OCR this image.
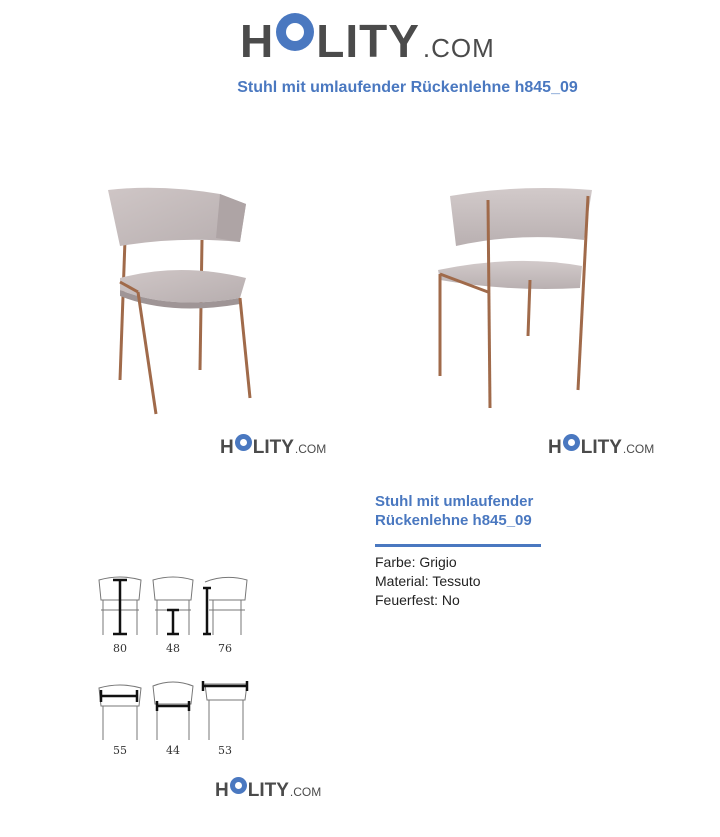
H LITY .COM
Stuhl mit umlaufender Rückenlehne h845_09
H LITY .COM	H LITY .COM

Stuhl mit umlaufender
Rückenlehne h845_09

Farbe: Grigio
Material: Tessuto
Feuerfest: No
80	48	76
55	44	53
H LITY .COM
